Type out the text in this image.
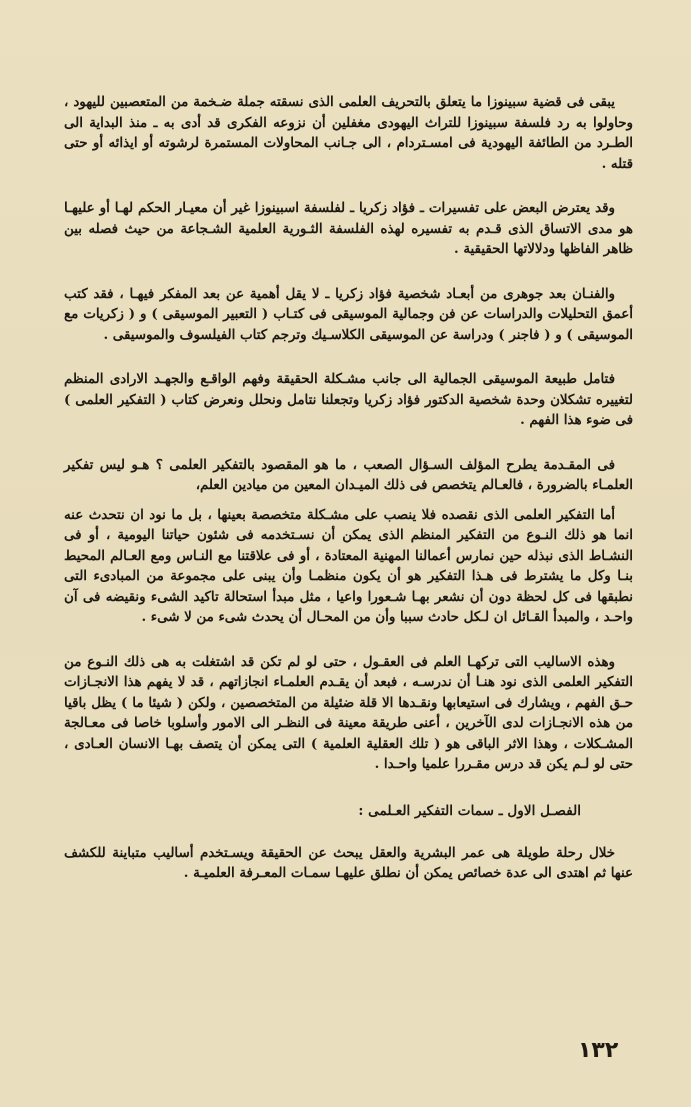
يبقى فى قضية سبينوزا ما يتعلق بالتحريف العلمى الذى نسقته جملة ضـخمة من المتعصبين لليهود ، وحاولوا به رد فلسفة سبينوزا للتراث اليهودى مغفلين أن نزوعه الفكرى قد أدى به ـ منذ البداية الى الطـرد من الطائفة اليهودية فى امسـتردام ، الى جـانب المحاولات المستمرة لرشوته أو ايذائه أو حتى قتله .

وقد يعترض البعض على تفسيرات ـ فؤاد زكريا ـ لفلسفة اسبينوزا غير أن معيـار الحكم لهـا أو عليهـا هو مدى الاتساق الذى قـدم به تفسيره لهذه الفلسفة الثـورية العلمية الشـجاعة من حيث فصله بين ظاهر الفاظها ودلالاتها الحقيقية .

والفنـان بعد جوهرى من أبعـاد شخصية فؤاد زكريا ـ لا يقل أهمية عن بعد المفكر فيهـا ، فقد كتب أعمق التحليلات والدراسات عن فن وجمالية الموسيقى فى كتـاب ( التعبير الموسيقى ) و ( زكريات مع الموسيقى ) و ( فاجنر ) ودراسة عن الموسيقى الكلاسـيك وترجم كتاب الفيلسوف والموسيقى .

فتامل طبيعة الموسيقى الجمالية الى جانب مشـكلة الحقيقة وفهم الواقـع والجهـد الارادى المنظم لتغييره تشكلان وحدة شخصية الدكتور فؤاد زكريا وتجعلنا نتامل ونحلل ونعرض كتاب ( التفكير العلمى ) فى ضوء هذا الفهم .

فى المقـدمة يطرح المؤلف السـؤال الصعب ، ما هو المقصود بالتفكير العلمى ؟ هـو ليس تفكير العلمـاء بالضرورة ، فالعـالم يتخصص فى ذلك الميـدان المعين من ميادين العلم،

أما التفكير العلمى الذى نقصده فلا ينصب على مشـكلة متخصصة بعينها ، بل ما نود ان نتحدث عنه انما هو ذلك النـوع من التفكير المنظم الذى يمكن أن نسـتخدمه فى شئون حياتنا اليومية ، أو فى النشـاط الذى نبذله حين نمارس أعمالنا المهنية المعتادة ، أو فى علاقتنا مع النـاس ومع العـالم المحيط بنـا وكل ما يشترط فى هـذا التفكير هو أن يكون منظمـا وأن يبنى على مجموعة من المبادىء التى نطبقها فى كل لحظة دون أن نشعر بهـا شـعورا واعيا ، مثل مبدأ استحالة تاكيد الشىء ونقيضه فى آن واحـد ، والمبدأ القـائل ان لـكل حادث سببا وأن من المحـال أن يحدث شىء من لا شىء .

وهذه الاساليب التى تركهـا العلم فى العقـول ، حتى لو لم تكن قد اشتغلت به هى ذلك النـوع من التفكير العلمى الذى نود هنـا أن ندرسـه ، فبعد أن يقـدم العلمـاء انجازاتهم ، قد لا يفهم هذا الانجـازات حـق الفهم ، ويشارك فى استيعابها ونقـدها الا قلة ضئيلة من المتخصصين ، ولكن ( شيئا ما ) يظل باقيا من هذه الانجـازات لدى الآخرين ، أعنى طريقة معينة فى النظـر الى الامور وأسلوبا خاصا فى معـالجة المشـكلات ، وهذا الاثر الباقى هو ( تلك العقلية العلمية ) التى يمكن أن يتصف بهـا الانسان العـادى ، حتى لو لـم يكن قد درس مقـررا علميا واحـدا .

الفصـل الاول ـ سمات التفكير العـلمى :

خلال رحلة طويلة هى عمر البشرية والعقل يبحث عن الحقيقة ويسـتخدم أساليب متباينة للكشف عنها ثم اهتدى الى عدة خصائص يمكن أن نطلق عليهـا سمـات المعـرفة العلميـة .

١٣٢
